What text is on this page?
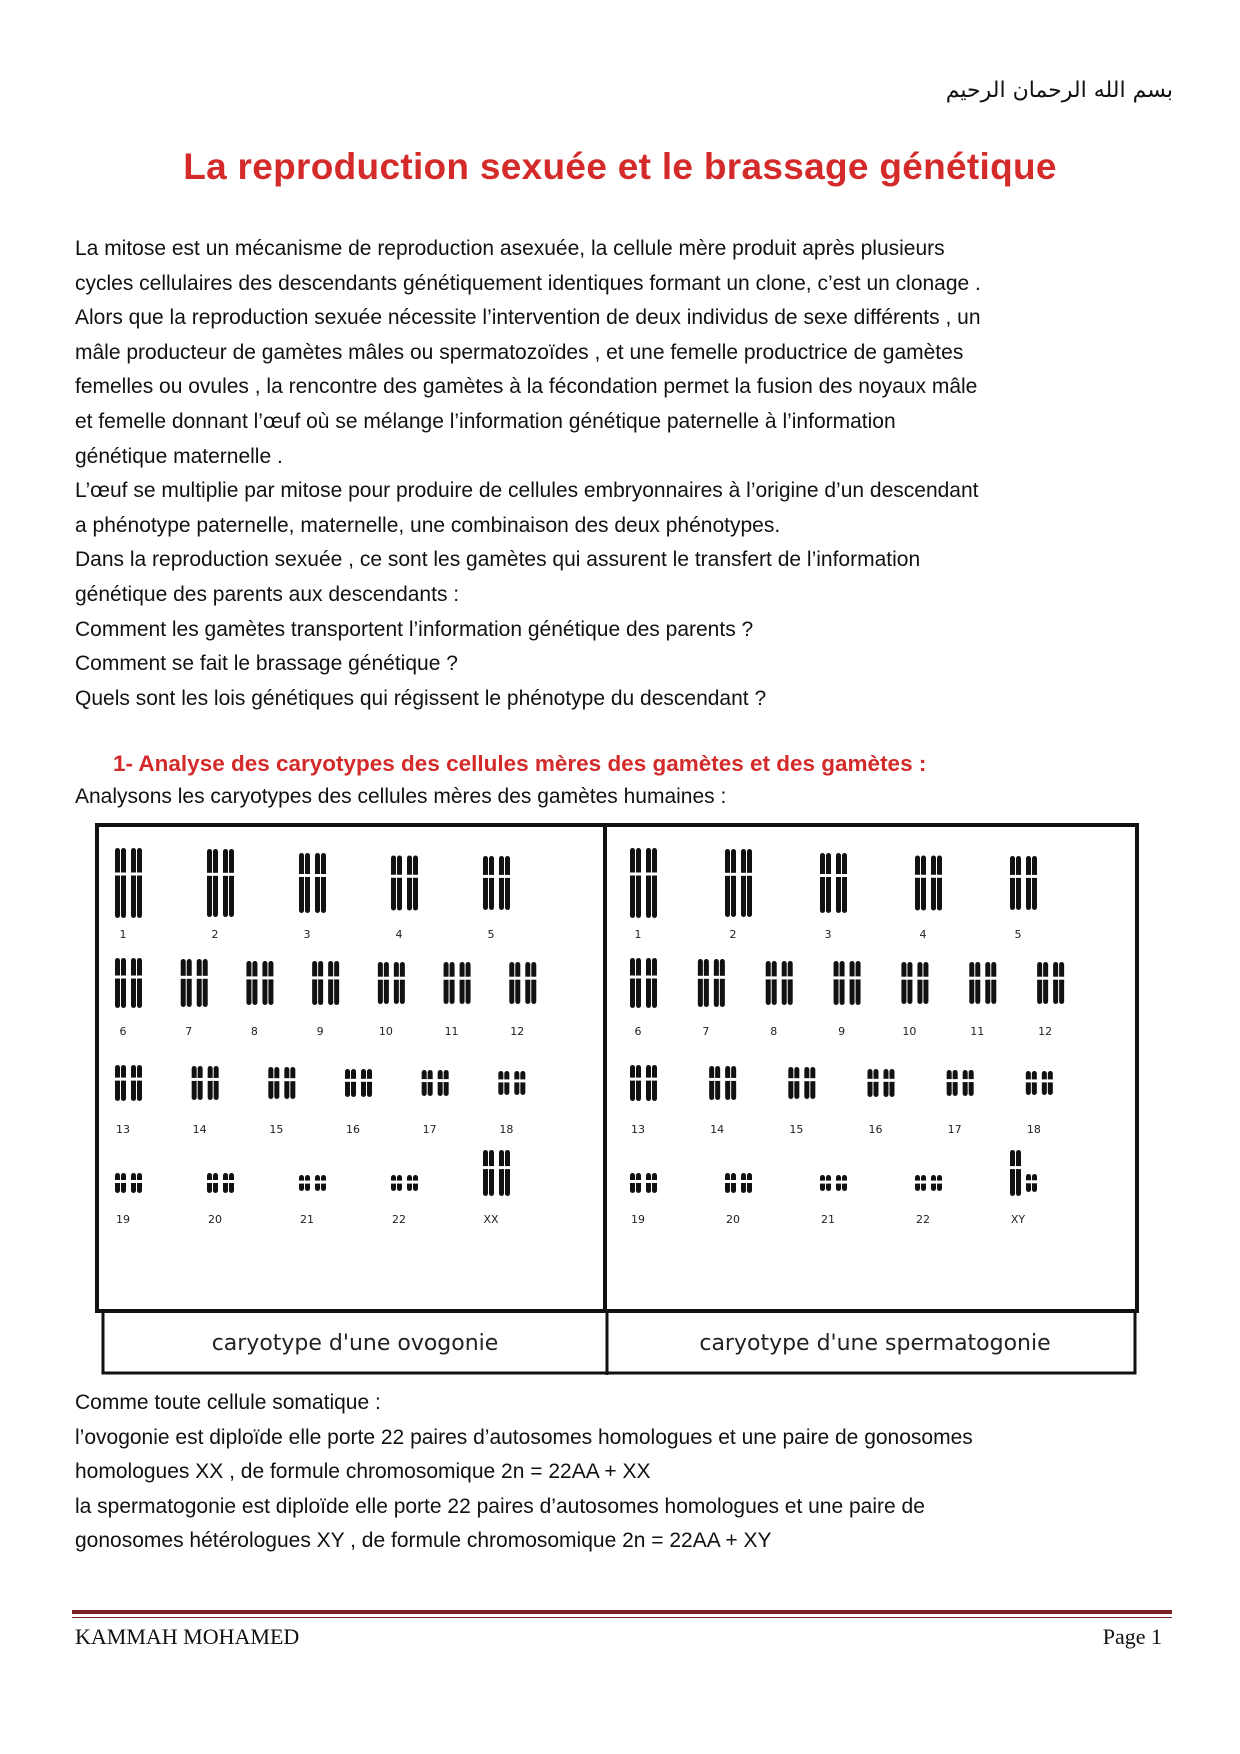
بسم الله الرحمان الرحيم
La reproduction sexuée et le brassage génétique

La mitose est un mécanisme de reproduction asexuée, la cellule mère produit après plusieurs

cycles cellulaires des descendants génétiquement identiques formant un clone, c’est un clonage .

Alors que la reproduction sexuée nécessite l’intervention de deux individus de sexe différents , un

mâle producteur de gamètes mâles ou spermatozoïdes , et une femelle productrice de gamètes

femelles ou ovules , la rencontre des gamètes à la fécondation permet la fusion des noyaux mâle

et femelle donnant l’œuf où se mélange l’information génétique paternelle à l’information

génétique maternelle .

L’œuf se multiplie par mitose pour produire de cellules embryonnaires à l’origine d’un descendant

a phénotype paternelle, maternelle, une combinaison des deux phénotypes.

Dans la reproduction sexuée , ce sont les gamètes qui assurent le transfert de l’information

génétique des parents aux descendants :

Comment les gamètes transportent l’information génétique des parents ?

Comment se fait le brassage génétique ?

Quels sont les lois génétiques qui régissent le phénotype du descendant ?

1- Analyse des caryotypes des cellules mères des gamètes et des gamètes :
Analysons les caryotypes des cellules mères des gamètes humaines :
1	2	3	4	5
6	7	8	9	10	11	12
13	14	15	16	17	18
19	20	21	22	XX
1	2	3	4	5
6	7	8	9	10	11	12
13	14	15	16	17	18
19	20	21	22	XY
caryotype d'une ovogonie	caryotype d'une spermatogonie

Comme toute cellule somatique :

l’ovogonie est diploïde elle porte 22 paires d’autosomes homologues et une paire de gonosomes

homologues XX , de formule chromosomique 2n = 22AA + XX

la spermatogonie est diploïde elle porte 22 paires d’autosomes homologues et une paire de

gonosomes hétérologues XY , de formule chromosomique 2n = 22AA + XY

KAMMAH MOHAMED	Page 1
